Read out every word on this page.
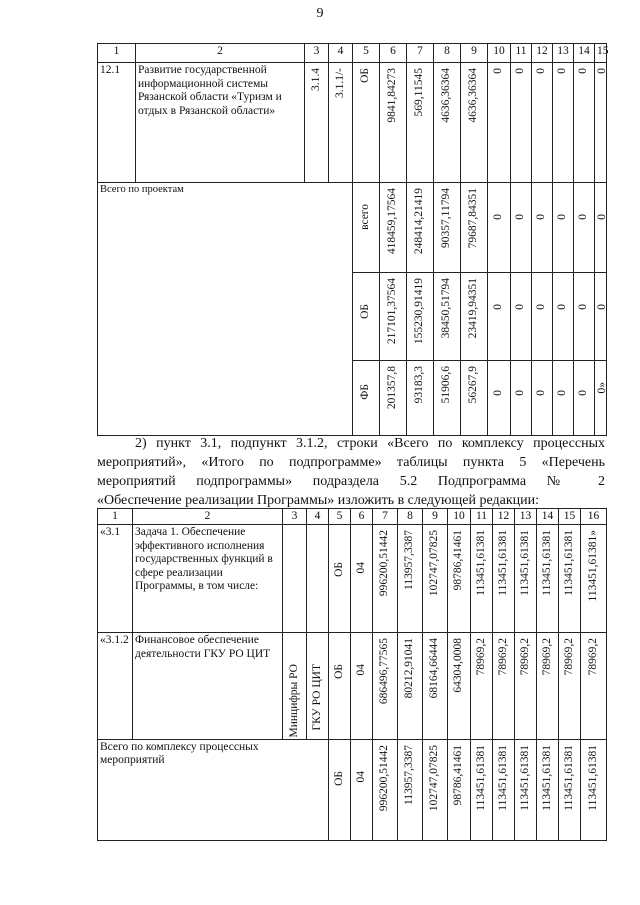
9
1	2	3	4	5	6	7	8	9	10	11	12	13	14	15
12.1	Развитие государственной информационной системы Рязанской области «Туризм и отдых в Рязанской области»	3.1.4	3.1.1/-	ОБ	9841,84273	569,11545	4636,36364	4636,36364	0	0	0	0	0	0

Всего по проектам				всего	418459,17564	248414,21419	90357,11794	79687,84351	0	0	0	0	0	0

				ОБ	217101,37564	155230,91419	38450,51794	23419,94351	0	0	0	0	0	0

				ФБ	201357,8	93183,3	51906,6	56267,9	0	0	0	0	0	0»
2) пункт 3.1, подпункт 3.1.2, строки «Всего по комплексу процессных
мероприятий», «Итого по подпрограмме» таблицы пункта 5 «Перечень
мероприятий подпрограммы» подраздела 5.2 Подпрограмма № 2
«Обеспечение реализации Программы» изложить в следующей редакции:
1	2	3	4	5	6	7	8	9	10	11	12	13	14	15	16
«3.1	Задача 1. Обеспечение эффективного исполнения государственных функций в сфере реализации Программы, в том числе:			ОБ	04	996200,51442	113957,3387	102747,07825	98786,41461	113451,61381	113451,61381	113451,61381	113451,61381	113451,61381	113451,61381»

«3.1.2	Финансовое обеспечение деятельности ГКУ РО ЦИТ	Минцифры РО	ГКУ РО ЦИТ	ОБ	04	686496,77565	80212,91041	68164,66444	64304,0008	78969,2	78969,2	78969,2	78969,2	78969,2	78969,2

Всего по комплексу процессных мероприятий				ОБ	04	996200,51442	113957,3387	102747,07825	98786,41461	113451,61381	113451,61381	113451,61381	113451,61381	113451,61381	113451,61381
